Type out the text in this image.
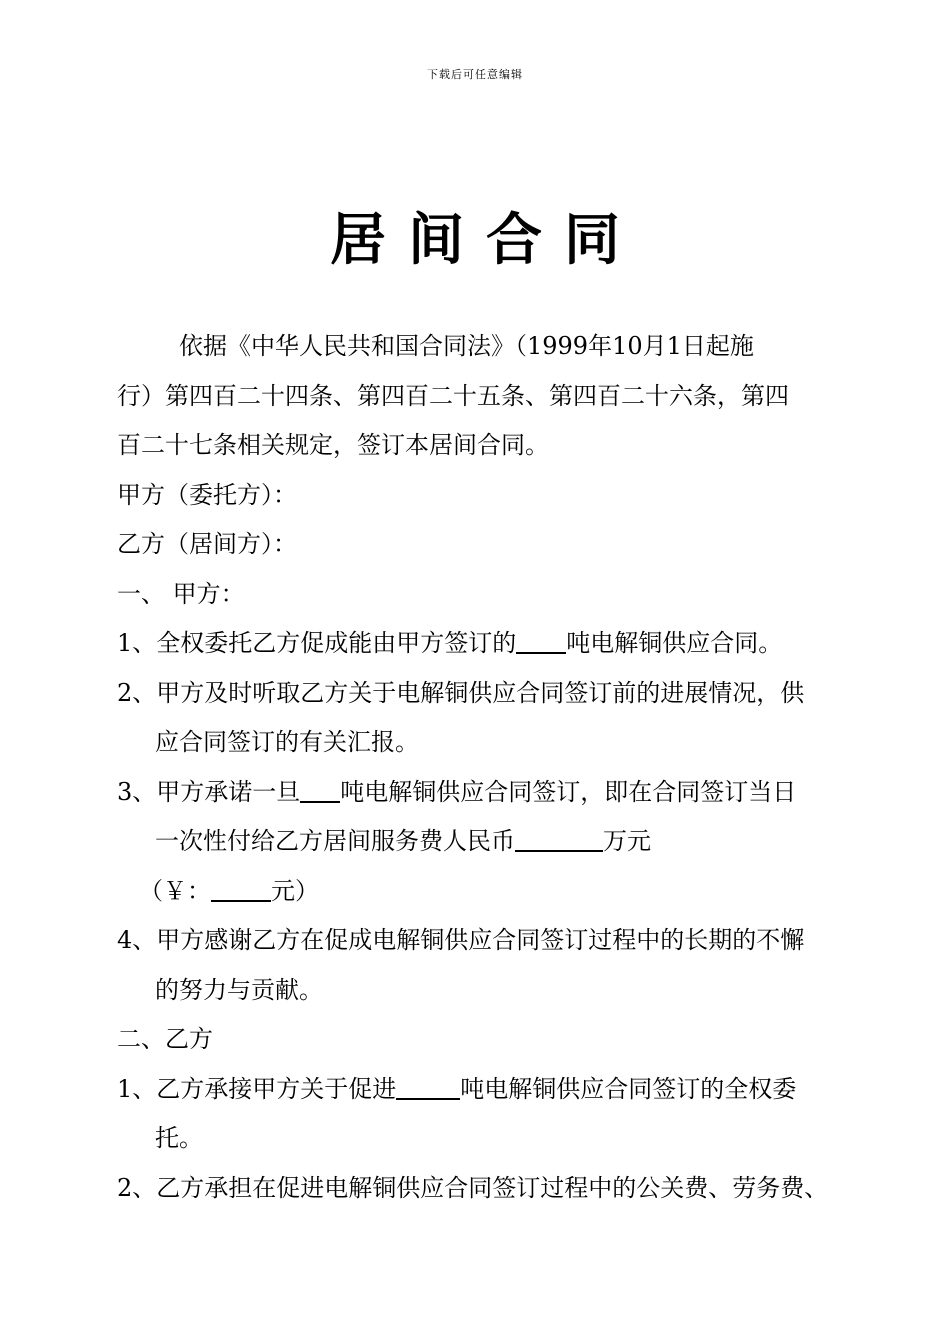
下载后可任意编辑
居 间 合 同

依据《中华人民共和国合同法》（1999年10月1日起施

行）第四百二十四条、第四百二十五条、第四百二十六条，第四

百二十七条相关规定，签订本居间合同。

甲方（委托方）：

乙方（居间方）：

一、 甲方：

1、全权委托乙方促成能由甲方签订的 吨电解铜供应合同。

2、甲方及时听取乙方关于电解铜供应合同签订前的进展情况，供

应合同签订的有关汇报。

3、甲方承诺一旦 吨电解铜供应合同签订，即在合同签订当日

一次性付给乙方居间服务费人民币	万元

（￥：	元）

4、甲方感谢乙方在促成电解铜供应合同签订过程中的长期的不懈

的努力与贡献。

二、乙方

1、乙方承接甲方关于促进	吨电解铜供应合同签订的全权委

托。

2、乙方承担在促进电解铜供应合同签订过程中的公关费、劳务费、
